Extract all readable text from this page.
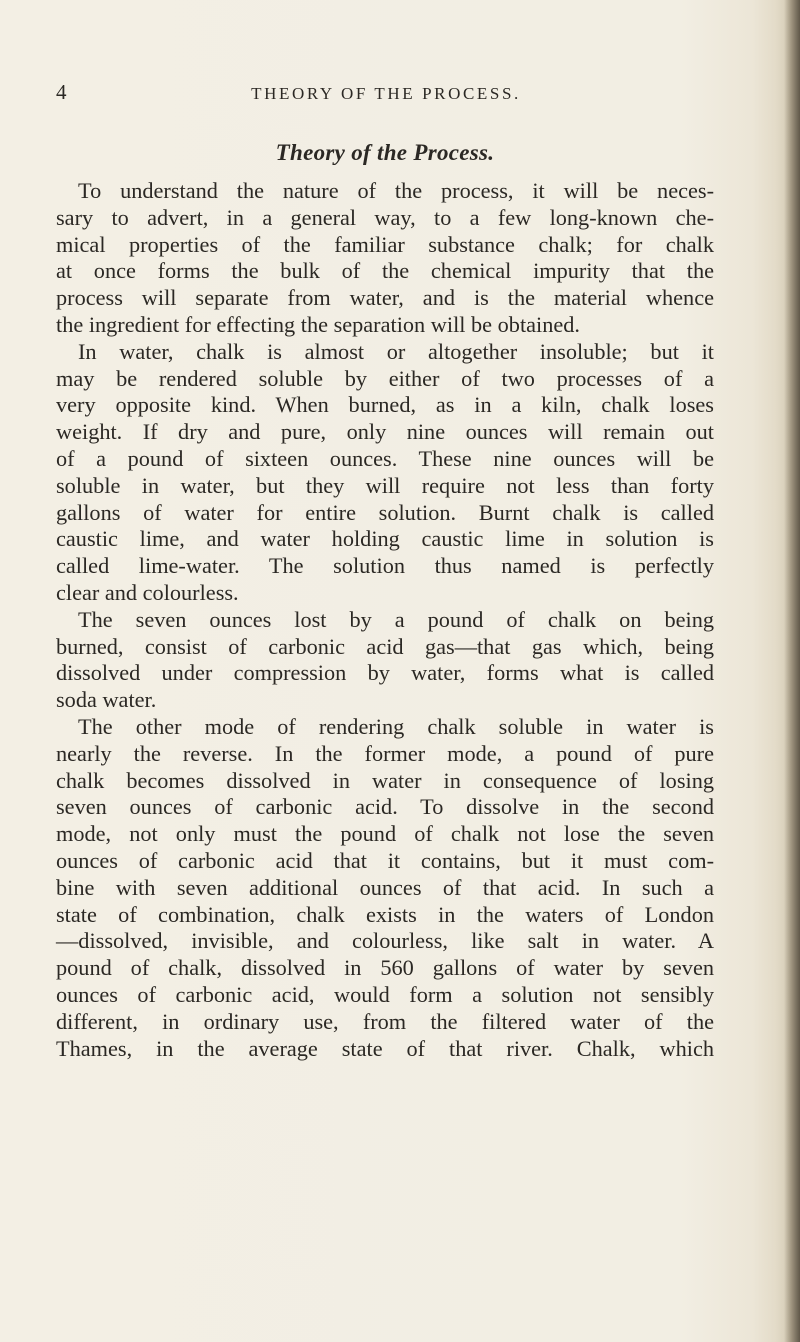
4	THEORY OF THE PROCESS.
Theory of the Process.

To understand the nature of the process, it will be neces-
sary to advert, in a general way, to a few long-known che-
mical properties of the familiar substance chalk; for chalk
at once forms the bulk of the chemical impurity that the
process will separate from water, and is the material whence
the ingredient for effecting the separation will be obtained.

In water, chalk is almost or altogether insoluble; but it
may be rendered soluble by either of two processes of a
very opposite kind. When burned, as in a kiln, chalk loses
weight. If dry and pure, only nine ounces will remain out
of a pound of sixteen ounces. These nine ounces will be
soluble in water, but they will require not less than forty
gallons of water for entire solution. Burnt chalk is called
caustic lime, and water holding caustic lime in solution is
called lime-water. The solution thus named is perfectly
clear and colourless.

The seven ounces lost by a pound of chalk on being
burned, consist of carbonic acid gas—that gas which, being
dissolved under compression by water, forms what is called
soda water.

The other mode of rendering chalk soluble in water is
nearly the reverse. In the former mode, a pound of pure
chalk becomes dissolved in water in consequence of losing
seven ounces of carbonic acid. To dissolve in the second
mode, not only must the pound of chalk not lose the seven
ounces of carbonic acid that it contains, but it must com-
bine with seven additional ounces of that acid. In such a
state of combination, chalk exists in the waters of London
—dissolved, invisible, and colourless, like salt in water. A
pound of chalk, dissolved in 560 gallons of water by seven
ounces of carbonic acid, would form a solution not sensibly
different, in ordinary use, from the filtered water of the
Thames, in the average state of that river. Chalk, which
